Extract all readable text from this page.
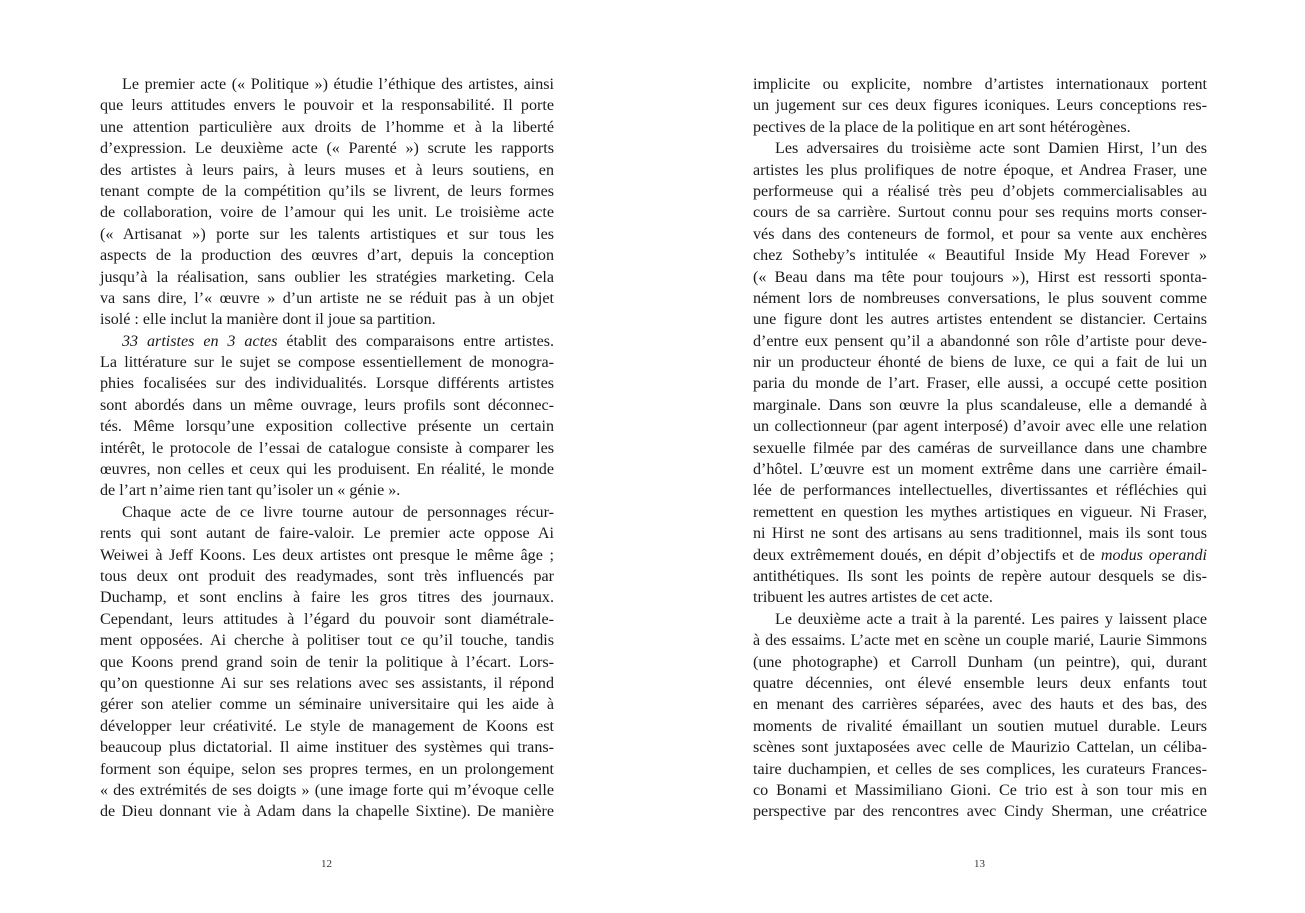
Le premier acte (« Politique ») étudie l’éthique des artistes, ainsi
que leurs attitudes envers le pouvoir et la responsabilité. Il porte
une attention particulière aux droits de l’homme et à la liberté
d’expression. Le deuxième acte (« Parenté ») scrute les rapports
des artistes à leurs pairs, à leurs muses et à leurs soutiens, en
tenant compte de la compétition qu’ils se livrent, de leurs formes
de collaboration, voire de l’amour qui les unit. Le troisième acte
(« Artisanat ») porte sur les talents artistiques et sur tous les
aspects de la production des œuvres d’art, depuis la conception
jusqu’à la réalisation, sans oublier les stratégies marketing. Cela
va sans dire, l’« œuvre » d’un artiste ne se réduit pas à un objet
isolé : elle inclut la manière dont il joue sa partition.
33 artistes en 3 actes établit des comparaisons entre artistes.
La littérature sur le sujet se compose essentiellement de monogra-
phies focalisées sur des individualités. Lorsque différents artistes
sont abordés dans un même ouvrage, leurs profils sont déconnec-
tés. Même lorsqu’une exposition collective présente un certain
intérêt, le protocole de l’essai de catalogue consiste à comparer les
œuvres, non celles et ceux qui les produisent. En réalité, le monde
de l’art n’aime rien tant qu’isoler un « génie ».
Chaque acte de ce livre tourne autour de personnages récur-
rents qui sont autant de faire-valoir. Le premier acte oppose Ai
Weiwei à Jeff Koons. Les deux artistes ont presque le même âge ;
tous deux ont produit des readymades, sont très influencés par
Duchamp, et sont enclins à faire les gros titres des journaux.
Cependant, leurs attitudes à l’égard du pouvoir sont diamétrale-
ment opposées. Ai cherche à politiser tout ce qu’il touche, tandis
que Koons prend grand soin de tenir la politique à l’écart. Lors-
qu’on questionne Ai sur ses relations avec ses assistants, il répond
gérer son atelier comme un séminaire universitaire qui les aide à
développer leur créativité. Le style de management de Koons est
beaucoup plus dictatorial. Il aime instituer des systèmes qui trans-
forment son équipe, selon ses propres termes, en un prolongement
« des extrémités de ses doigts » (une image forte qui m’évoque celle
de Dieu donnant vie à Adam dans la chapelle Sixtine). De manière
12
implicite ou explicite, nombre d’artistes internationaux portent
un jugement sur ces deux figures iconiques. Leurs conceptions res-
pectives de la place de la politique en art sont hétérogènes.
Les adversaires du troisième acte sont Damien Hirst, l’un des
artistes les plus prolifiques de notre époque, et Andrea Fraser, une
performeuse qui a réalisé très peu d’objets commercialisables au
cours de sa carrière. Surtout connu pour ses requins morts conser-
vés dans des conteneurs de formol, et pour sa vente aux enchères
chez Sotheby’s intitulée « Beautiful Inside My Head Forever »
(« Beau dans ma tête pour toujours »), Hirst est ressorti sponta-
nément lors de nombreuses conversations, le plus souvent comme
une figure dont les autres artistes entendent se distancier. Certains
d’entre eux pensent qu’il a abandonné son rôle d’artiste pour deve-
nir un producteur éhonté de biens de luxe, ce qui a fait de lui un
paria du monde de l’art. Fraser, elle aussi, a occupé cette position
marginale. Dans son œuvre la plus scandaleuse, elle a demandé à
un collectionneur (par agent interposé) d’avoir avec elle une relation
sexuelle filmée par des caméras de surveillance dans une chambre
d’hôtel. L’œuvre est un moment extrême dans une carrière émail-
lée de performances intellectuelles, divertissantes et réfléchies qui
remettent en question les mythes artistiques en vigueur. Ni Fraser,
ni Hirst ne sont des artisans au sens traditionnel, mais ils sont tous
deux extrêmement doués, en dépit d’objectifs et de modus operandi
antithétiques. Ils sont les points de repère autour desquels se dis-
tribuent les autres artistes de cet acte.
Le deuxième acte a trait à la parenté. Les paires y laissent place
à des essaims. L’acte met en scène un couple marié, Laurie Simmons
(une photographe) et Carroll Dunham (un peintre), qui, durant
quatre décennies, ont élevé ensemble leurs deux enfants tout
en menant des carrières séparées, avec des hauts et des bas, des
moments de rivalité émaillant un soutien mutuel durable. Leurs
scènes sont juxtaposées avec celle de Maurizio Cattelan, un céliba-
taire duchampien, et celles de ses complices, les curateurs Frances-
co Bonami et Massimiliano Gioni. Ce trio est à son tour mis en
perspective par des rencontres avec Cindy Sherman, une créatrice
13
